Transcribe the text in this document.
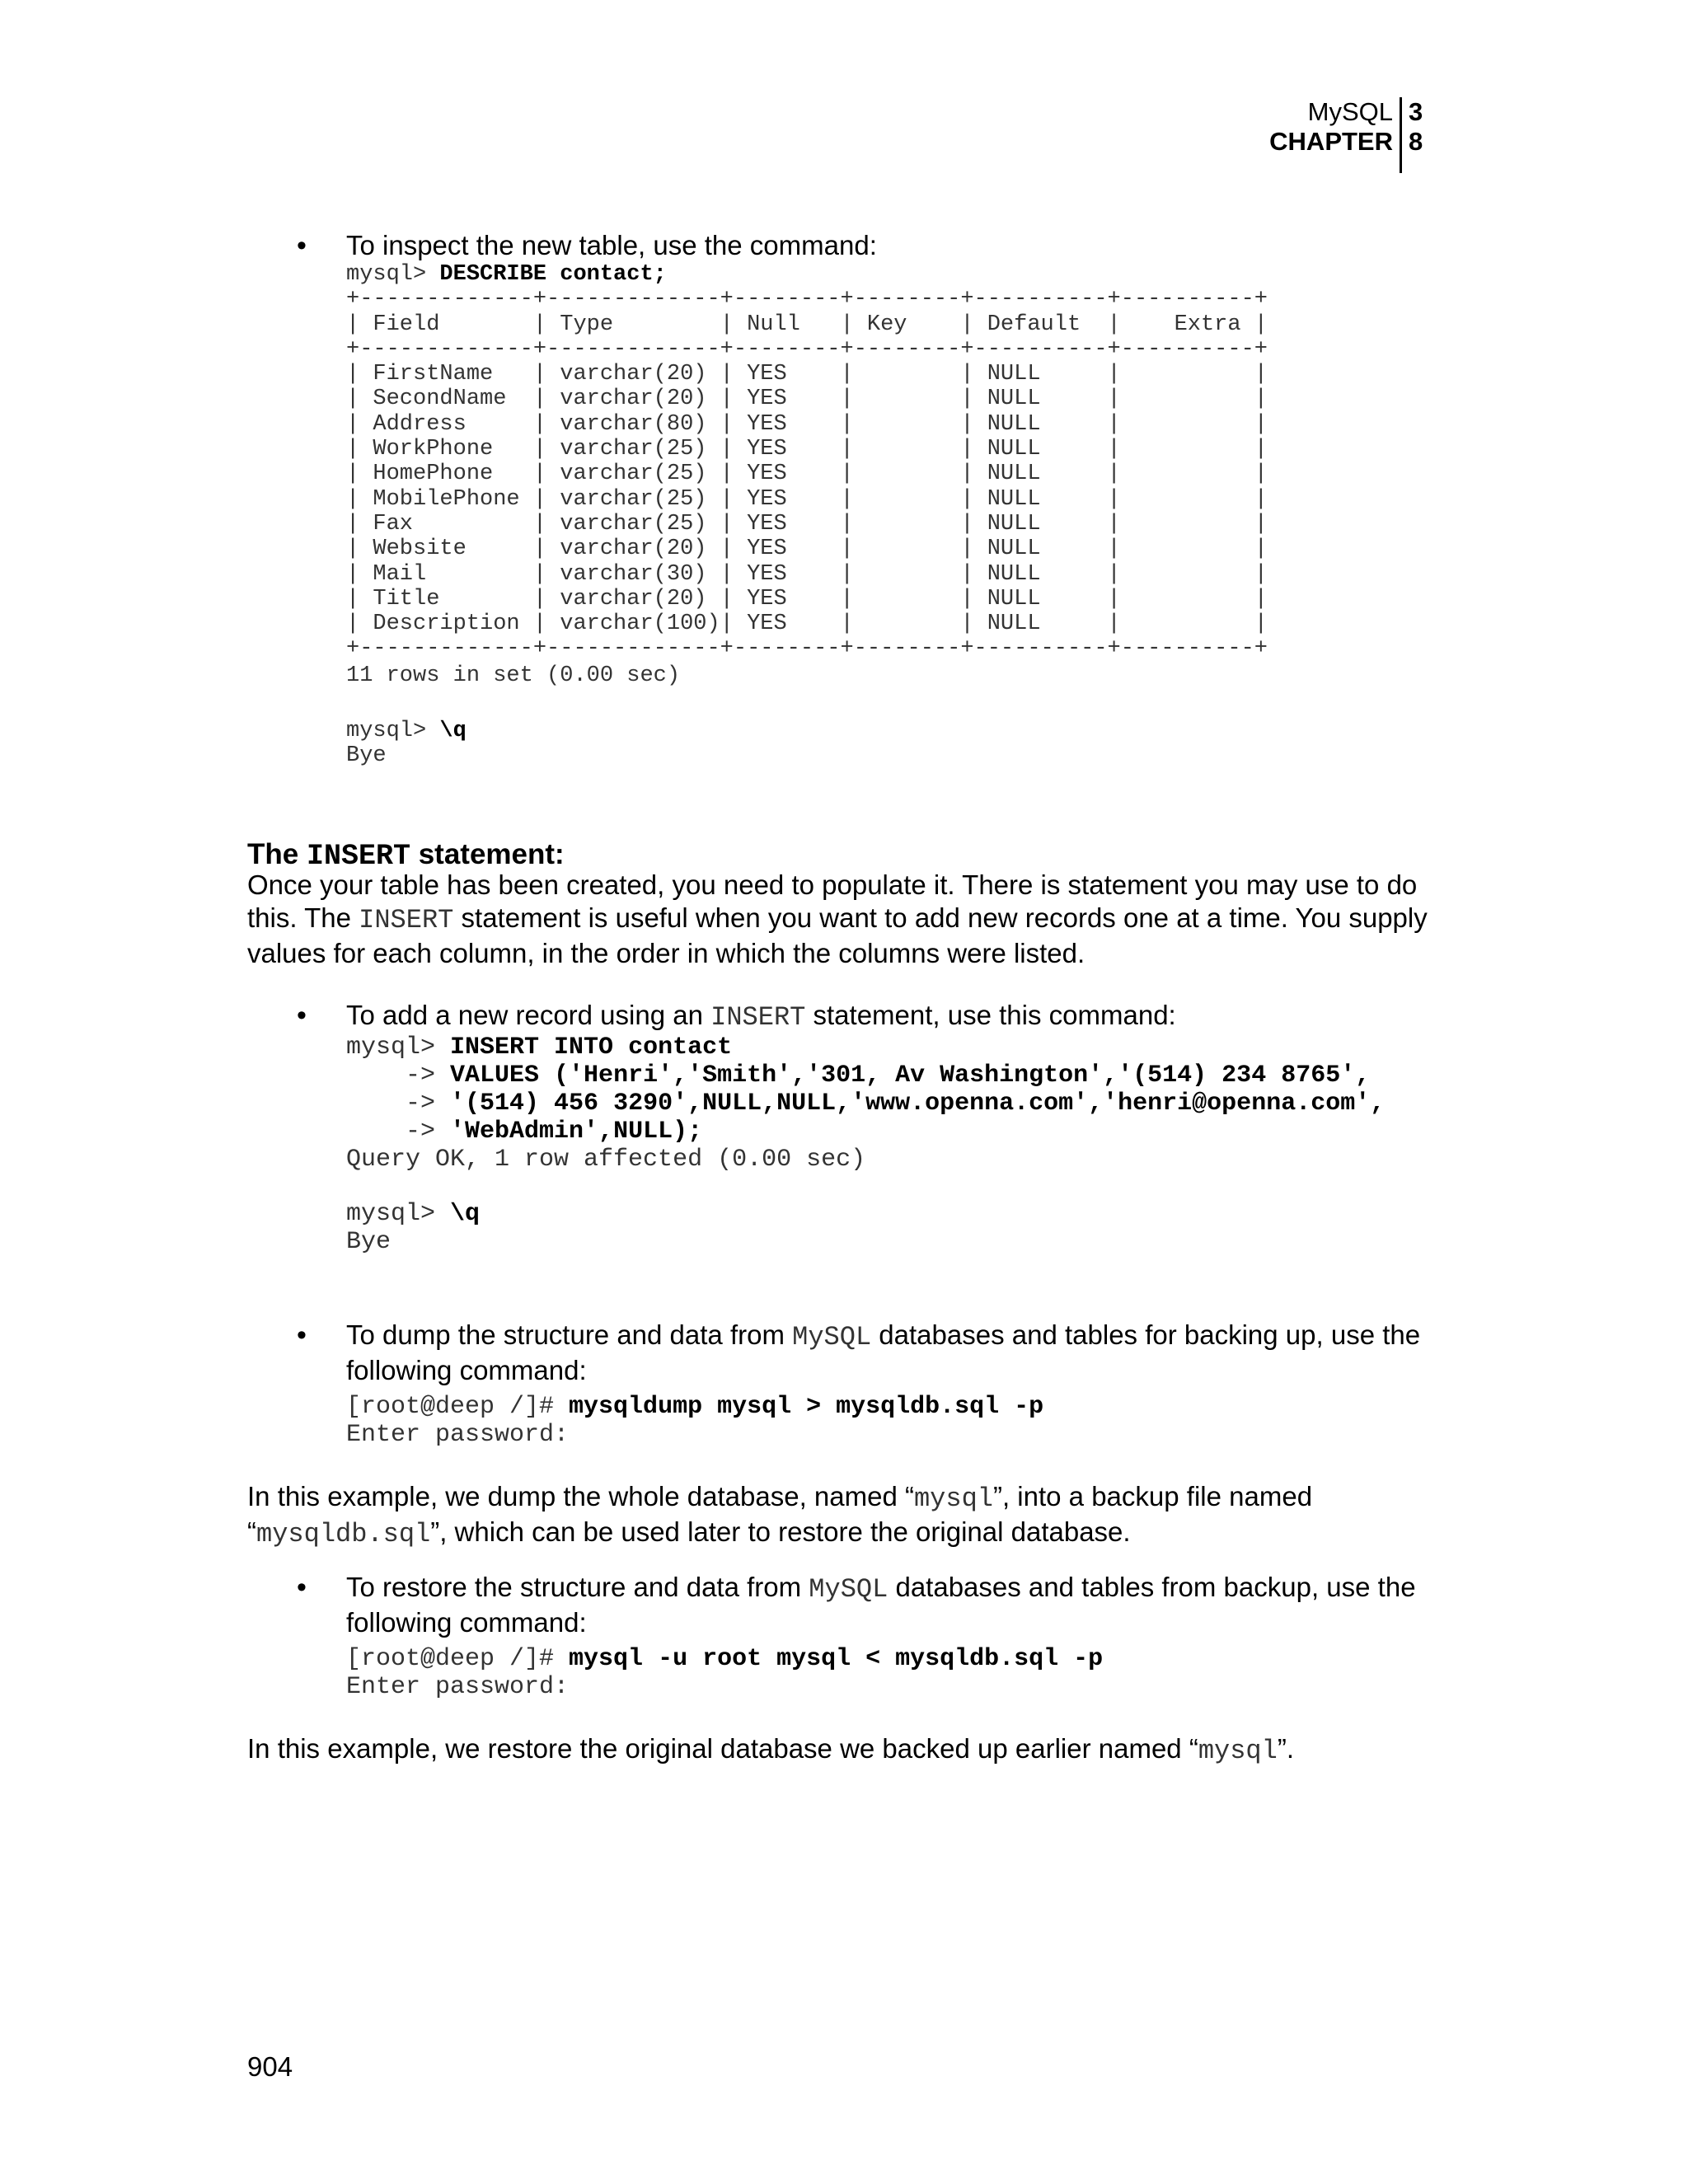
MySQL
CHAPTER
3
8
• To inspect the new table, use the command:
mysql> DESCRIBE contact;
+-------------+-------------+--------+--------+----------+----------+
| Field       | Type        | Null   | Key    | Default  |    Extra |
+-------------+-------------+--------+--------+----------+----------+
| FirstName   | varchar(20) | YES    |        | NULL     |          |
| SecondName  | varchar(20) | YES    |        | NULL     |          |
| Address     | varchar(80) | YES    |        | NULL     |          |
| WorkPhone   | varchar(25) | YES    |        | NULL     |          |
| HomePhone   | varchar(25) | YES    |        | NULL     |          |
| MobilePhone | varchar(25) | YES    |        | NULL     |          |
| Fax         | varchar(25) | YES    |        | NULL     |          |
| Website     | varchar(20) | YES    |        | NULL     |          |
| Mail        | varchar(30) | YES    |        | NULL     |          |
| Title       | varchar(20) | YES    |        | NULL     |          |
| Description | varchar(100)| YES    |        | NULL     |          |
+-------------+-------------+--------+--------+----------+----------+
11 rows in set (0.00 sec)
mysql> \q
Bye
The INSERT statement:
Once your table has been created, you need to populate it. There is statement you may use to do this. The INSERT statement is useful when you want to add new records one at a time. You supply values for each column, in the order in which the columns were listed.
• To add a new record using an INSERT statement, use this command:
mysql> INSERT INTO contact
-> VALUES ('Henri','Smith','301, Av Washington','(514) 234 8765',
-> '(514) 456 3290',NULL,NULL,'www.openna.com','henri@openna.com',
-> 'WebAdmin',NULL);
Query OK, 1 row affected (0.00 sec)
mysql> \q
Bye
• To dump the structure and data from MySQL databases and tables for backing up, use the following command:
[root@deep /]# mysqldump mysql > mysqldb.sql -p
Enter password:
In this example, we dump the whole database, named “mysql”, into a backup file named “mysqldb.sql”, which can be used later to restore the original database.
• To restore the structure and data from MySQL databases and tables from backup, use the following command:
[root@deep /]# mysql -u root mysql < mysqldb.sql -p
Enter password:
In this example, we restore the original database we backed up earlier named “mysql”.
904
